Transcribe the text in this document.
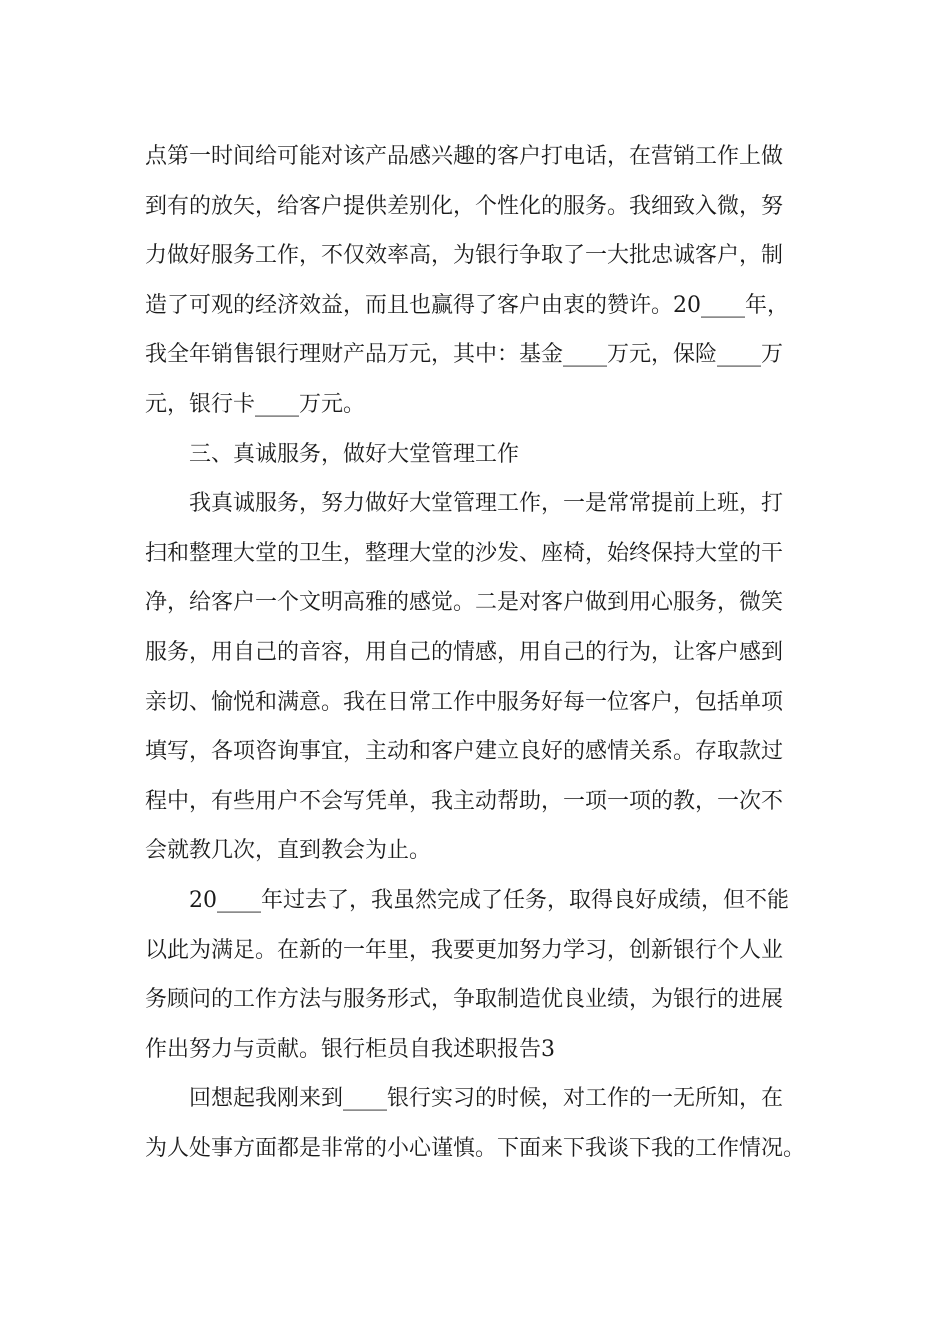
点第一时间给可能对该产品感兴趣的客户打电话，在营销工作上做
到有的放矢，给客户提供差别化，个性化的服务。我细致入微，努
力做好服务工作，不仅效率高，为银行争取了一大批忠诚客户，制
造了可观的经济效益，而且也赢得了客户由衷的赞许。20____年，
我全年销售银行理财产品万元，其中：基金____万元，保险____万
元，银行卡____万元。
三、真诚服务，做好大堂管理工作
我真诚服务，努力做好大堂管理工作，一是常常提前上班，打
扫和整理大堂的卫生，整理大堂的沙发、座椅，始终保持大堂的干
净，给客户一个文明高雅的感觉。二是对客户做到用心服务，微笑
服务，用自己的音容，用自己的情感，用自己的行为，让客户感到
亲切、愉悦和满意。我在日常工作中服务好每一位客户，包括单项
填写，各项咨询事宜，主动和客户建立良好的感情关系。存取款过
程中，有些用户不会写凭单，我主动帮助，一项一项的教，一次不
会就教几次，直到教会为止。
20____年过去了，我虽然完成了任务，取得良好成绩，但不能
以此为满足。在新的一年里，我要更加努力学习，创新银行个人业
务顾问的工作方法与服务形式，争取制造优良业绩，为银行的进展
作出努力与贡献。银行柜员自我述职报告3
回想起我刚来到____银行实习的时候，对工作的一无所知，在
为人处事方面都是非常的小心谨慎。下面来下我谈下我的工作情况。
